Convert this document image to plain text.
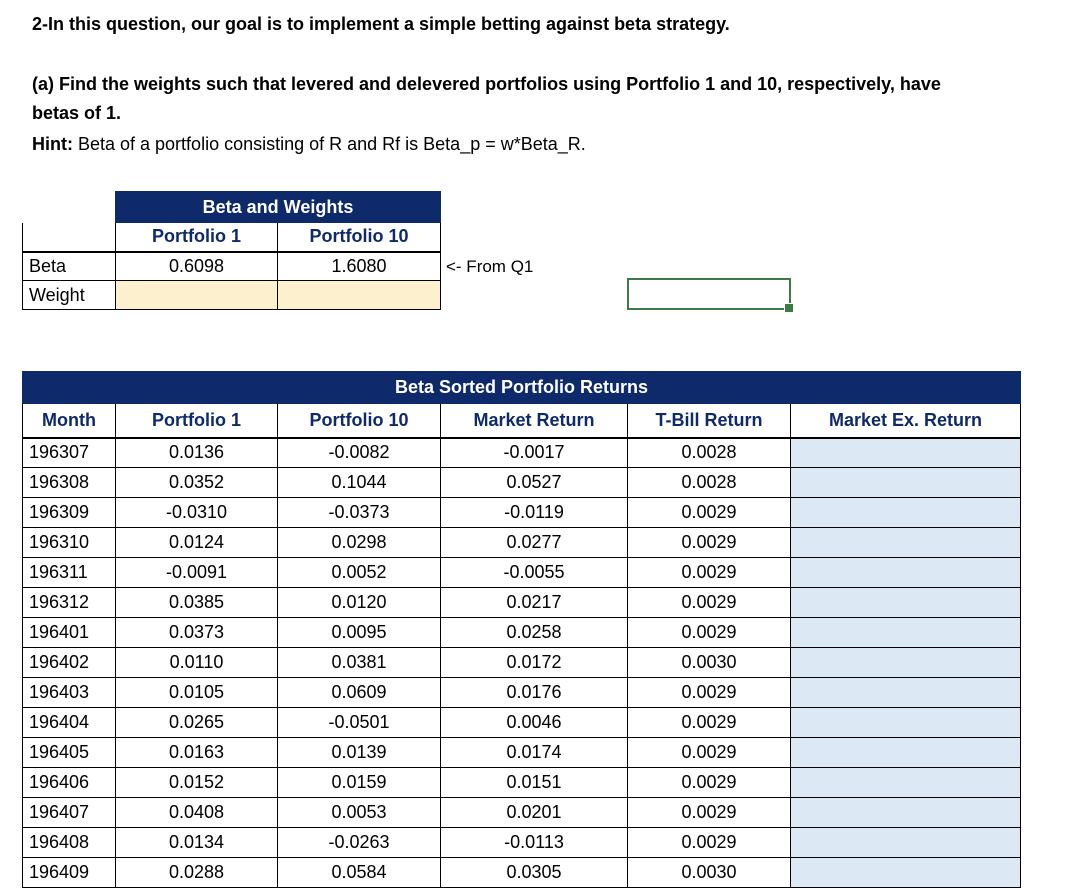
2-In this question, our goal is to implement a simple betting against beta strategy.
(a) Find the weights such that levered and delevered portfolios using Portfolio 1 and 10, respectively, have
betas of 1.
Hint: Beta of a portfolio consisting of R and Rf is Beta_p = w*Beta_R.
	Beta and Weights	
	Portfolio 1	Portfolio 10
Beta	0.6098	1.6080
Weight		
<- From Q1
Beta Sorted Portfolio Returns					
Month	Portfolio 1	Portfolio 10	Market Return	T-Bill Return	Market Ex. Return
196307	0.0136	-0.0082	-0.0017	0.0028	
196308	0.0352	0.1044	0.0527	0.0028	
196309	-0.0310	-0.0373	-0.0119	0.0029	
196310	0.0124	0.0298	0.0277	0.0029	
196311	-0.0091	0.0052	-0.0055	0.0029	
196312	0.0385	0.0120	0.0217	0.0029	
196401	0.0373	0.0095	0.0258	0.0029	
196402	0.0110	0.0381	0.0172	0.0030	
196403	0.0105	0.0609	0.0176	0.0029	
196404	0.0265	-0.0501	0.0046	0.0029	
196405	0.0163	0.0139	0.0174	0.0029	
196406	0.0152	0.0159	0.0151	0.0029	
196407	0.0408	0.0053	0.0201	0.0029	
196408	0.0134	-0.0263	-0.0113	0.0029	
196409	0.0288	0.0584	0.0305	0.0030	
